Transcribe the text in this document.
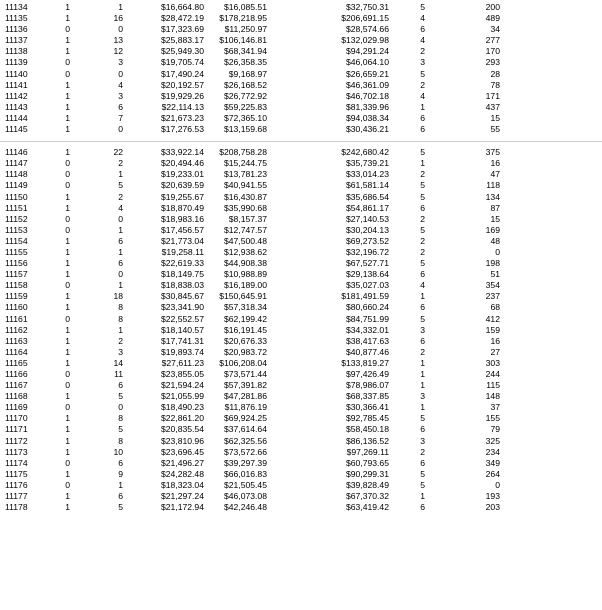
11134	1	1	$16,664.80	$16,085.51	$32,750.31	5	200
11135	1	16	$28,472.19	$178,218.95	$206,691.15	4	489
11136	0	0	$17,323.69	$11,250.97	$28,574.66	6	34
11137	1	13	$25,883.17	$106,146.81	$132,029.98	4	277
11138	1	12	$25,949.30	$68,341.94	$94,291.24	2	170
11139	0	3	$19,705.74	$26,358.35	$46,064.10	3	293
11140	0	0	$17,490.24	$9,168.97	$26,659.21	5	28
11141	1	4	$20,192.57	$26,168.52	$46,361.09	2	78
11142	1	3	$19,929.26	$26,772.92	$46,702.18	4	171
11143	1	6	$22,114.13	$59,225.83	$81,339.96	1	437
11144	1	7	$21,673.23	$72,365.10	$94,038.34	6	15
11145	1	0	$17,276.53	$13,159.68	$30,436.21	6	55
11146	1	22	$33,922.14	$208,758.28	$242,680.42	5	375
11147	0	2	$20,494.46	$15,244.75	$35,739.21	1	16
11148	0	1	$19,233.01	$13,781.23	$33,014.23	2	47
11149	0	5	$20,639.59	$40,941.55	$61,581.14	5	118
11150	1	2	$19,255.67	$16,430.87	$35,686.54	5	134
11151	1	4	$18,870.49	$35,990.68	$54,861.17	6	87
11152	0	0	$18,983.16	$8,157.37	$27,140.53	2	15
11153	0	1	$17,456.57	$12,747.57	$30,204.13	5	169
11154	1	6	$21,773.04	$47,500.48	$69,273.52	2	48
11155	1	1	$19,258.11	$12,938.62	$32,196.72	2	0
11156	1	6	$22,619.33	$44,908.38	$67,527.71	5	198
11157	1	0	$18,149.75	$10,988.89	$29,138.64	6	51
11158	0	1	$18,838.03	$16,189.00	$35,027.03	4	354
11159	1	18	$30,845.67	$150,645.91	$181,491.59	1	237
11160	1	8	$23,341.90	$57,318.34	$80,660.24	6	68
11161	0	8	$22,552.57	$62,199.42	$84,751.99	5	412
11162	1	1	$18,140.57	$16,191.45	$34,332.01	3	159
11163	1	2	$17,741.31	$20,676.33	$38,417.63	6	16
11164	1	3	$19,893.74	$20,983.72	$40,877.46	2	27
11165	1	14	$27,611.23	$106,208.04	$133,819.27	1	303
11166	0	11	$23,855.05	$73,571.44	$97,426.49	1	244
11167	0	6	$21,594.24	$57,391.82	$78,986.07	1	115
11168	1	5	$21,055.99	$47,281.86	$68,337.85	3	148
11169	0	0	$18,490.23	$11,876.19	$30,366.41	1	37
11170	1	8	$22,861.20	$69,924.25	$92,785.45	5	155
11171	1	5	$20,835.54	$37,614.64	$58,450.18	6	79
11172	1	8	$23,810.96	$62,325.56	$86,136.52	3	325
11173	1	10	$23,696.45	$73,572.66	$97,269.11	2	234
11174	0	6	$21,496.27	$39,297.39	$60,793.65	6	349
11175	1	9	$24,282.48	$66,016.83	$90,299.31	5	264
11176	0	1	$18,323.04	$21,505.45	$39,828.49	5	0
11177	1	6	$21,297.24	$46,073.08	$67,370.32	1	193
11178	1	5	$21,172.94	$42,246.48	$63,419.42	6	203
